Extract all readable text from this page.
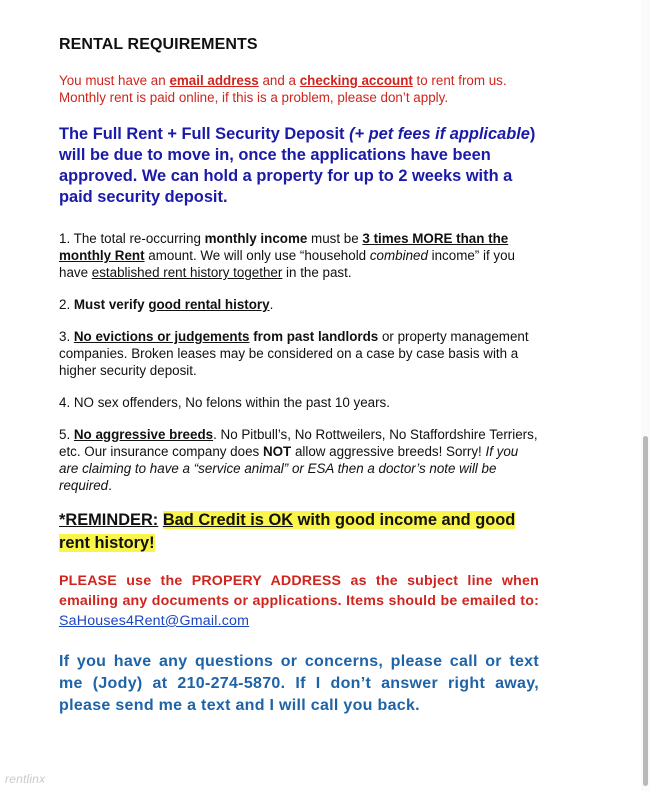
RENTAL REQUIREMENTS
You must have an email address and a checking account to rent from us.
Monthly rent is paid online, if this is a problem, please don’t apply.
The Full Rent + Full Security Deposit (+ pet fees if applicable) will be due to move in, once the applications have been approved. We can hold a property for up to 2 weeks with a paid security deposit.
1. The total re-occurring monthly income must be 3 times MORE than the monthly Rent amount. We will only use “household combined income” if you have established rent history together in the past.
2. Must verify good rental history.
3. No evictions or judgements from past landlords or property management companies. Broken leases may be considered on a case by case basis with a higher security deposit.
4. NO sex offenders, No felons within the past 10 years.
5. No aggressive breeds. No Pitbull’s, No Rottweilers, No Staffordshire Terriers, etc. Our insurance company does NOT allow aggressive breeds! Sorry! If you are claiming to have a “service animal” or ESA then a doctor’s note will be required.
*REMINDER: Bad Credit is OK with good income and good rent history!
PLEASE use the PROPERY ADDRESS as the subject line when emailing any documents or applications. Items should be emailed to: SaHouses4Rent@Gmail.com
If you have any questions or concerns, please call or text me (Jody) at 210-274-5870. If I don’t answer right away, please send me a text and I will call you back.
rentlinx
